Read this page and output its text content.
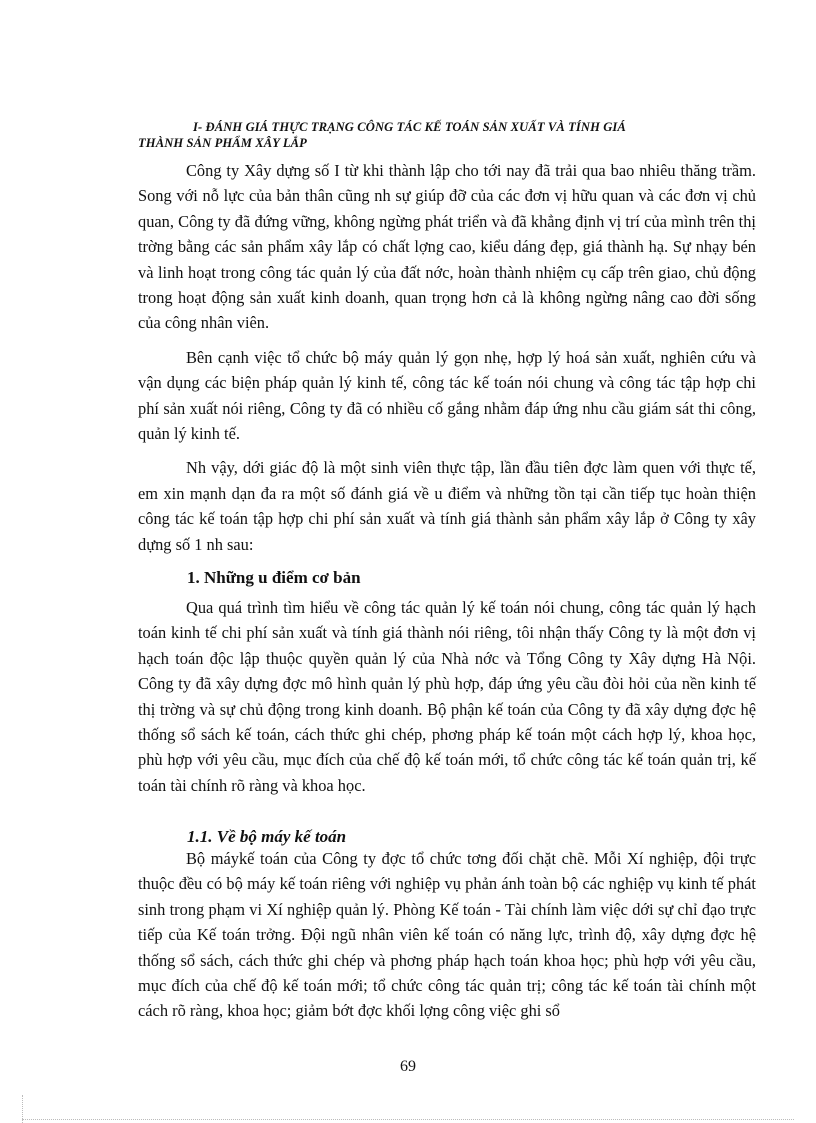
I- ĐÁNH GIÁ THỰC TRẠNG CÔNG TÁC KẾ TOÁN SẢN XUẤT VÀ TÍNH GIÁ
THÀNH SẢN PHẨM XÂY LẮP

Công ty Xây dựng số I từ khi thành lập cho tới nay đã trải qua bao nhiêu thăng trầm. Song với nỗ lực của bản thân cũng nh sự giúp đỡ của các đơn vị hữu quan và các đơn vị chủ quan, Công ty đã đứng vững, không ngừng phát triển và đã khẳng định vị trí của mình trên thị trờng bằng các sản phẩm xây lắp có chất lợng cao, kiểu dáng đẹp, giá thành hạ. Sự nhạy bén và linh hoạt trong công tác quản lý của đất nớc, hoàn thành nhiệm cụ cấp trên giao, chủ động trong hoạt động sản xuất kinh doanh, quan trọng hơn cả là không ngừng nâng cao đời sống của công nhân viên.

Bên cạnh việc tổ chức bộ máy quản lý gọn nhẹ, hợp lý hoá sản xuất, nghiên cứu và vận dụng các biện pháp quản lý kinh tế, công tác kế toán nói chung và công tác tập hợp chi phí sản xuất nói riêng, Công ty đã có nhiều cố gắng nhằm đáp ứng nhu cầu giám sát thi công, quản lý kinh tế.

Nh vậy, dới giác độ là một sinh viên thực tập, lần đầu tiên đợc làm quen với thực tế, em xin mạnh dạn đa ra một số đánh giá về u điểm và những tồn tại cần tiếp tục hoàn thiện công tác kế toán tập hợp chi phí sản xuất và tính giá thành sản phẩm xây lắp ở Công ty xây dựng số 1 nh sau:

1. Những u điểm cơ bản

Qua quá trình tìm hiểu về công tác quản lý kế toán nói chung, công tác quản lý hạch toán kinh tế chi phí sản xuất và tính giá thành nói riêng, tôi nhận thấy Công ty là một đơn vị hạch toán độc lập thuộc quyền quản lý của Nhà nớc và Tổng Công ty Xây dựng Hà Nội. Công ty đã xây dựng đợc mô hình quản lý phù hợp, đáp ứng yêu cầu đòi hỏi của nền kinh tế thị trờng và sự chủ động trong kinh doanh. Bộ phận kế toán của Công ty đã xây dựng đợc hệ thống sổ sách kế toán, cách thức ghi chép, phơng pháp kế toán một cách hợp lý, khoa học, phù hợp với yêu cầu, mục đích của chế độ kế toán mới, tổ chức công tác kế toán quản trị, kế toán tài chính rõ ràng và khoa học.

1.1. Về bộ máy kế toán

Bộ máykế toán của Công ty đợc tổ chức tơng đối chặt chẽ. Mỗi Xí nghiệp, đội trực thuộc đều có bộ máy kế toán riêng với nghiệp vụ phản ánh toàn bộ các nghiệp vụ kinh tế phát sinh trong phạm vi Xí nghiệp quản lý. Phòng Kế toán - Tài chính làm việc dới sự chỉ đạo trực tiếp của Kế toán trởng. Đội ngũ nhân viên kế toán có năng lực, trình độ, xây dựng đợc hệ thống sổ sách, cách thức ghi chép và phơng pháp hạch toán khoa học; phù hợp với yêu cầu, mục đích của chế độ kế toán mới; tổ chức công tác quản trị; công tác kế toán tài chính một cách rõ ràng, khoa học; giảm bớt đợc khối lợng công việc ghi sổ

69
